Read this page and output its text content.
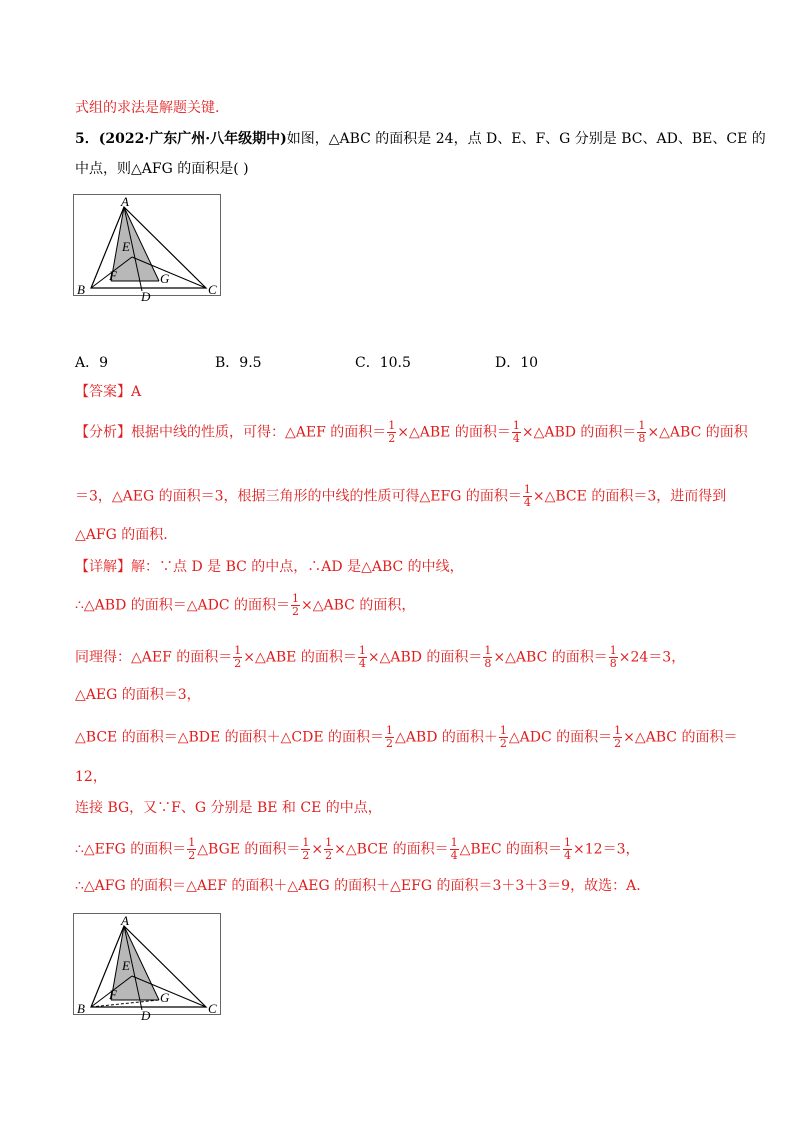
式组的求法是解题关键.
5．(2022·广东广州·八年级期中)如图，△ABC 的面积是 24，点 D、E、F、G 分别是 BC、AD、BE、CE 的
中点，则△AFG 的面积是( )
A
B	C
D
E
F	G
A．9	B．9.5	C．10.5	D．10
【答案】A
【分析】根据中线的性质，可得：△AEF 的面积＝ $\frac{1}{2}$ ×△ABE 的面积＝ $\frac{1}{4}$ ×△ABD 的面积＝ $\frac{1}{8}$ ×△ABC 的面积
＝3，△AEG 的面积＝3，根据三角形的中线的性质可得△EFG 的面积＝ $\frac{1}{4}$ ×△BCE 的面积＝3，进而得到
△AFG 的面积.
【详解】解：∵点 D 是 BC 的中点，∴AD 是△ABC 的中线，
∴△ABD 的面积＝△ADC 的面积＝ $\frac{1}{2}$ ×△ABC 的面积，
同理得：△AEF 的面积＝ $\frac{1}{2}$ ×△ABE 的面积＝ $\frac{1}{4}$ ×△ABD 的面积＝ $\frac{1}{8}$ ×△ABC 的面积＝ $\frac{1}{8} \times 24=3$，
△AEG 的面积＝3，
△BCE 的面积＝△BDE 的面积＋△CDE 的面积＝ $\frac{1}{2}$ △ABD 的面积＋ $\frac{1}{2}$ △ADC 的面积＝ $\frac{1}{2}$ ×△ABC 的面积＝
12，
连接 BG，又∵F、G 分别是 BE 和 CE 的中点，
∴△EFG 的面积＝ $\frac{1}{2}$ △BGE 的面积＝ $\frac{1}{2} \times \frac{1}{2}$ ×△BCE 的面积＝ $\frac{1}{4}$ △BEC 的面积＝ $\frac{1}{4} \times 12=3$，
∴△AFG 的面积＝△AEF 的面积＋△AEG 的面积＋△EFG 的面积＝3＋3＋3＝9，故选：A.
A
B	C
D
E
F	G
